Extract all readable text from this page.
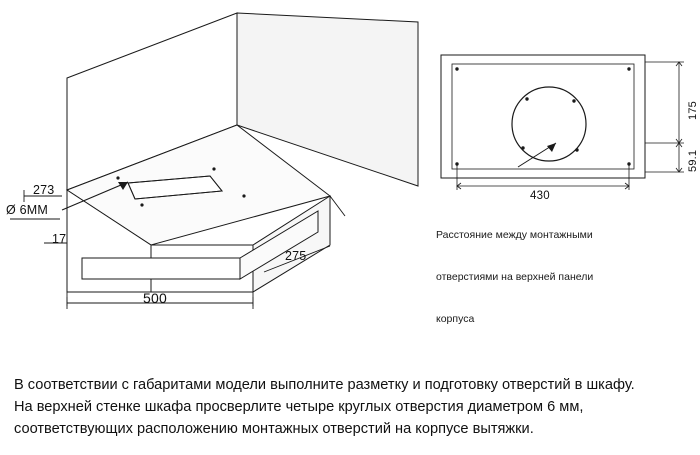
273
Ø 6ММ
17
275
500
175
59.1
430

Расстояние между монтажными

отверстиями на верхней панели

корпуса

В соответствии с габаритами модели выполните разметку и подготовку отверстий в шкафу.
На верхней стенке шкафа просверлите четыре круглых отверстия диаметром 6 мм,
соответствующих расположению монтажных отверстий на корпусе вытяжки.
